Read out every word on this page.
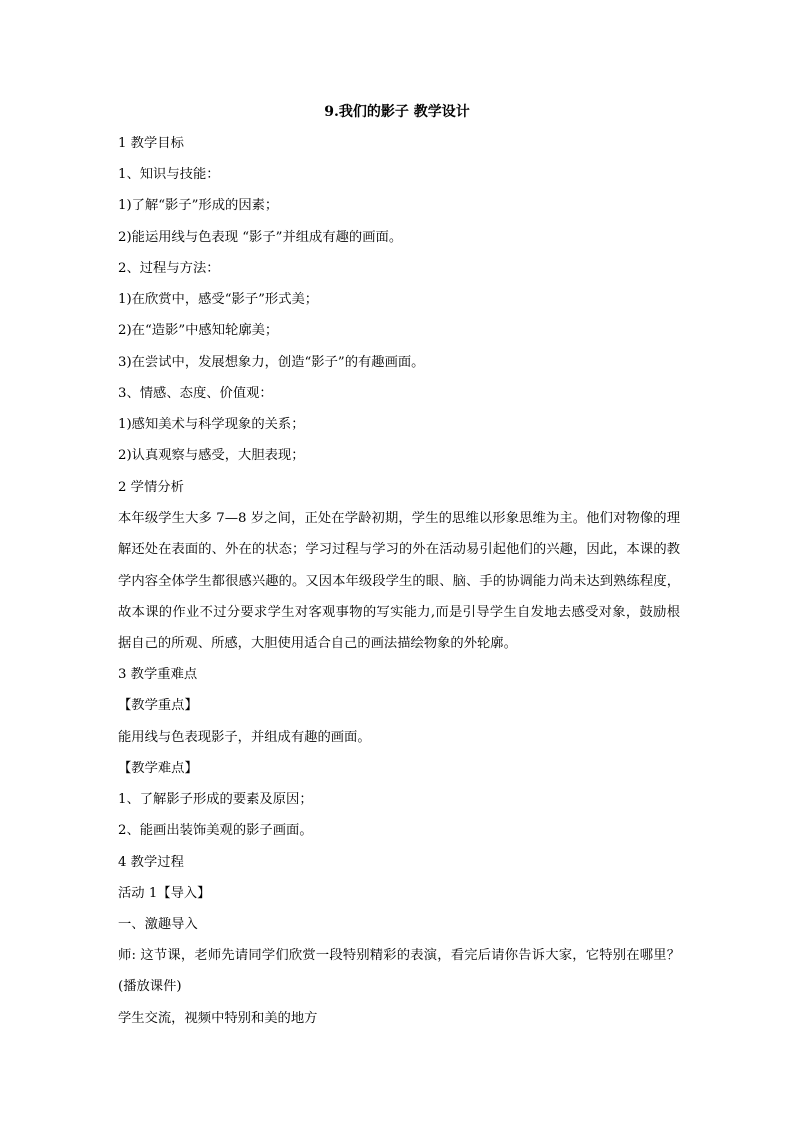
9.我们的影子 教学设计
1 教学目标
1、知识与技能：
1)了解“影子”形成的因素；
2)能运用线与色表现 “影子”并组成有趣的画面。
2、过程与方法：
1)在欣赏中，感受“影子”形式美；
2)在“造影”中感知轮廓美；
3)在尝试中，发展想象力，创造“影子”的有趣画面。
3、情感、态度、价值观：
1)感知美术与科学现象的关系；
2)认真观察与感受，大胆表现；
2 学情分析
本年级学生大多 7—8 岁之间，正处在学龄初期，学生的思维以形象思维为主。他们对物像的理解还处在表面的、外在的状态；学习过程与学习的外在活动易引起他们的兴趣，因此，本课的教学内容全体学生都很感兴趣的。又因本年级段学生的眼、脑、手的协调能力尚未达到熟练程度，故本课的作业不过分要求学生对客观事物的写实能力,而是引导学生自发地去感受对象，鼓励根据自己的所观、所感，大胆使用适合自己的画法描绘物象的外轮廓。
3 教学重难点
【教学重点】
能用线与色表现影子，并组成有趣的画面。
【教学难点】
1、了解影子形成的要素及原因；
2、能画出装饰美观的影子画面。
4 教学过程
活动 1【导入】
一、激趣导入
师: 这节课，老师先请同学们欣赏一段特别精彩的表演，看完后请你告诉大家，它特别在哪里？(播放课件)
学生交流，视频中特别和美的地方
